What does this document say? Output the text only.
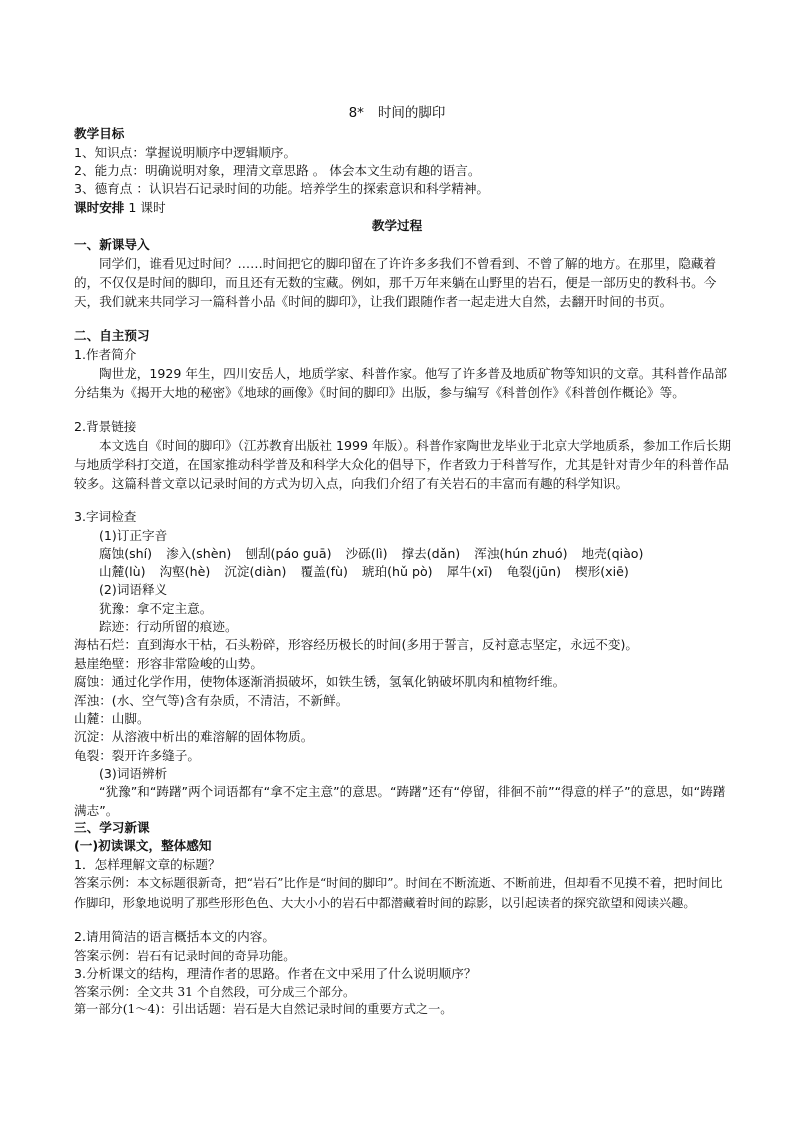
8* 时间的脚印
教学目标
1、知识点：掌握说明顺序中逻辑顺序。
2、能力点：明确说明对象，理清文章思路 。 体会本文生动有趣的语言。
3、德育点 ：认识岩石记录时间的功能。培养学生的探索意识和科学精神。
课时安排 1 课时
教学过程
一、新课导入
同学们，谁看见过时间？……时间把它的脚印留在了许许多多我们不曾看到、不曾了解的地方。在那里，隐藏着的，不仅仅是时间的脚印，而且还有无数的宝藏。例如，那千万年来躺在山野里的岩石，便是一部历史的教科书。今天，我们就来共同学习一篇科普小品《时间的脚印》，让我们跟随作者一起走进大自然，去翻开时间的书页。
二、自主预习
1.作者简介
陶世龙，1929 年生，四川安岳人，地质学家、科普作家。他写了许多普及地质矿物等知识的文章。其科普作品部分结集为《揭开大地的秘密》《地球的画像》《时间的脚印》出版，参与编写《科普创作》《科普创作概论》等。
2.背景链接
本文选自《时间的脚印》（江苏教育出版社 1999 年版）。科普作家陶世龙毕业于北京大学地质系，参加工作后长期与地质学科打交道，在国家推动科学普及和科学大众化的倡导下，作者致力于科普写作，尤其是针对青少年的科普作品较多。这篇科普文章以记录时间的方式为切入点，向我们介绍了有关岩石的丰富而有趣的科学知识。
3.字词检查
(1)订正字音
腐蚀(shí) 渗入(shèn) 刨刮(páo guā) 沙砾(lì) 撑去(dǎn) 浑浊(hún zhuó) 地壳(qiào)
山麓(lù) 沟壑(hè) 沉淀(diàn) 覆盖(fù) 琥珀(hǔ pò) 犀牛(xī) 龟裂(jūn) 楔形(xiē)
(2)词语释义
犹豫：拿不定主意。
踪迹：行动所留的痕迹。
海枯石烂：直到海水干枯，石头粉碎，形容经历极长的时间(多用于誓言，反衬意志坚定，永远不变)。
悬崖绝壁：形容非常险峻的山势。
腐蚀：通过化学作用，使物体逐渐消损破坏，如铁生锈，氢氧化钠破坏肌肉和植物纤维。
浑浊：(水、空气等)含有杂质，不清洁，不新鲜。
山麓：山脚。
沉淀：从溶液中析出的难溶解的固体物质。
龟裂：裂开许多缝子。
(3)词语辨析
“犹豫”和“踌躇”两个词语都有“拿不定主意”的意思。“踌躇”还有“停留，徘徊不前”“得意的样子”的意思，如“踌躇满志”。
三、学习新课
(一)初读课文，整体感知
1．怎样理解文章的标题？
答案示例：本文标题很新奇，把“岩石”比作是“时间的脚印”。时间在不断流逝、不断前进，但却看不见摸不着，把时间比作脚印，形象地说明了那些形形色色、大大小小的岩石中都潜藏着时间的踪影，以引起读者的探究欲望和阅读兴趣。
2.请用简洁的语言概括本文的内容。
答案示例：岩石有记录时间的奇异功能。
3.分析课文的结构，理清作者的思路。作者在文中采用了什么说明顺序？
答案示例：全文共 31 个自然段，可分成三个部分。
第一部分(1～4)：引出话题：岩石是大自然记录时间的重要方式之一。
